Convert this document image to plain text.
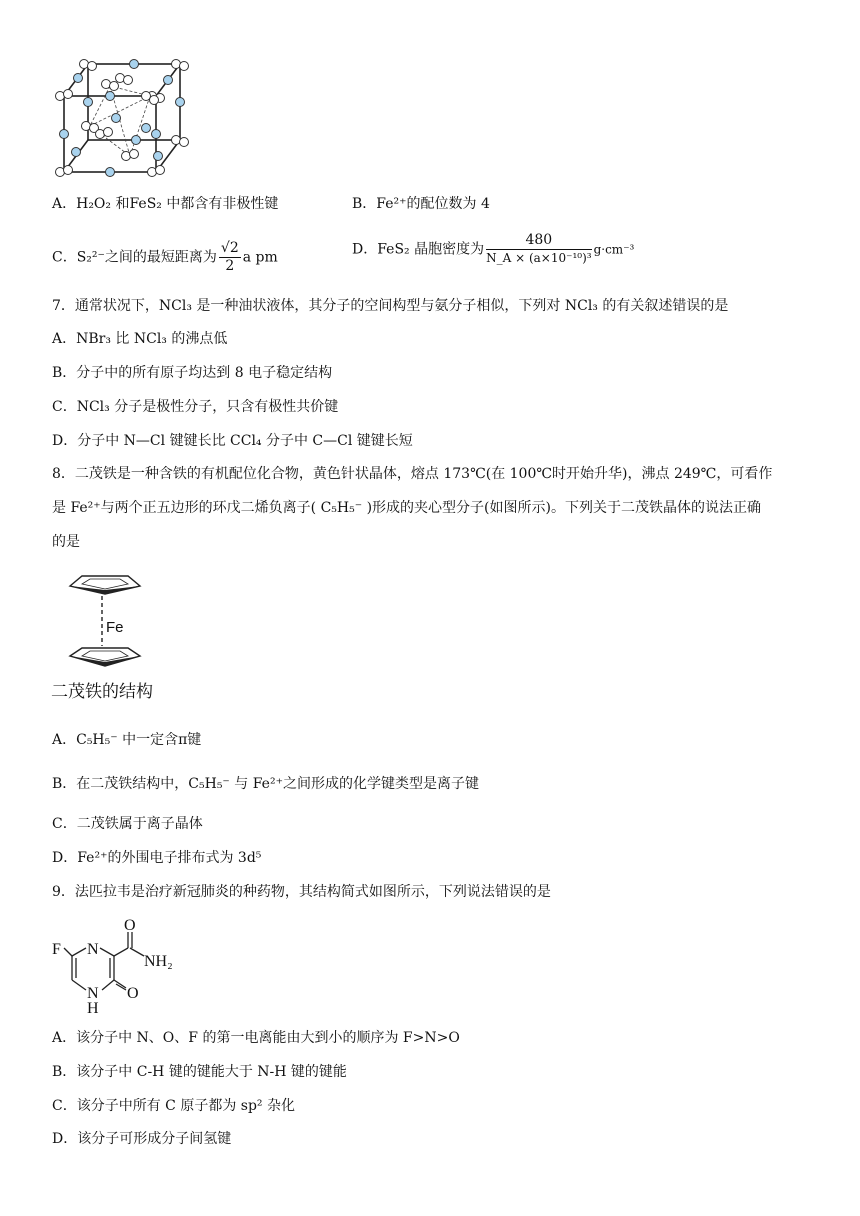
A．H₂O₂ 和FeS₂ 中都含有非极性键	B．Fe²⁺的配位数为 4
C．S₂²⁻之间的最短距离为 $\frac{√2}{2}$ a pm	D．FeS₂ 晶胞密度为 $\frac{480}{\text{N\_A × (a×10⁻¹⁰)³}} g\cdot cm^{-3}$
7．通常状况下，NCl₃ 是一种油状液体，其分子的空间构型与氨分子相似，下列对 NCl₃ 的有关叙述错误的是
A．NBr₃ 比 NCl₃ 的沸点低
B．分子中的所有原子均达到 8 电子稳定结构
C．NCl₃ 分子是极性分子，只含有极性共价键
D．分子中 N—Cl 键键长比 CCl₄ 分子中 C—Cl 键键长短
8．二茂铁是一种含铁的有机配位化合物，黄色针状晶体，熔点 173℃(在 100℃时开始升华)，沸点 249℃，可看作
是 Fe²⁺与两个正五边形的环戊二烯负离子( C₅H₅⁻ )形成的夹心型分子(如图所示)。下列关于二茂铁晶体的说法正确
的是
Fe
二茂铁的结构
A．C₅H₅⁻ 中一定含π键
B．在二茂铁结构中，C₅H₅⁻ 与 Fe²⁺之间形成的化学键类型是离子键
C．二茂铁属于离子晶体
D．Fe²⁺的外围电子排布式为 3d⁵
9．法匹拉韦是治疗新冠肺炎的种药物，其结构简式如图所示，下列说法错误的是
F N
O
NH₂
N
H
O
A．该分子中 N、O、F 的第一电离能由大到小的顺序为 F>N>O
B．该分子中 C-H 键的键能大于 N-H 键的键能
C．该分子中所有 C 原子都为 sp² 杂化
D．该分子可形成分子间氢键
